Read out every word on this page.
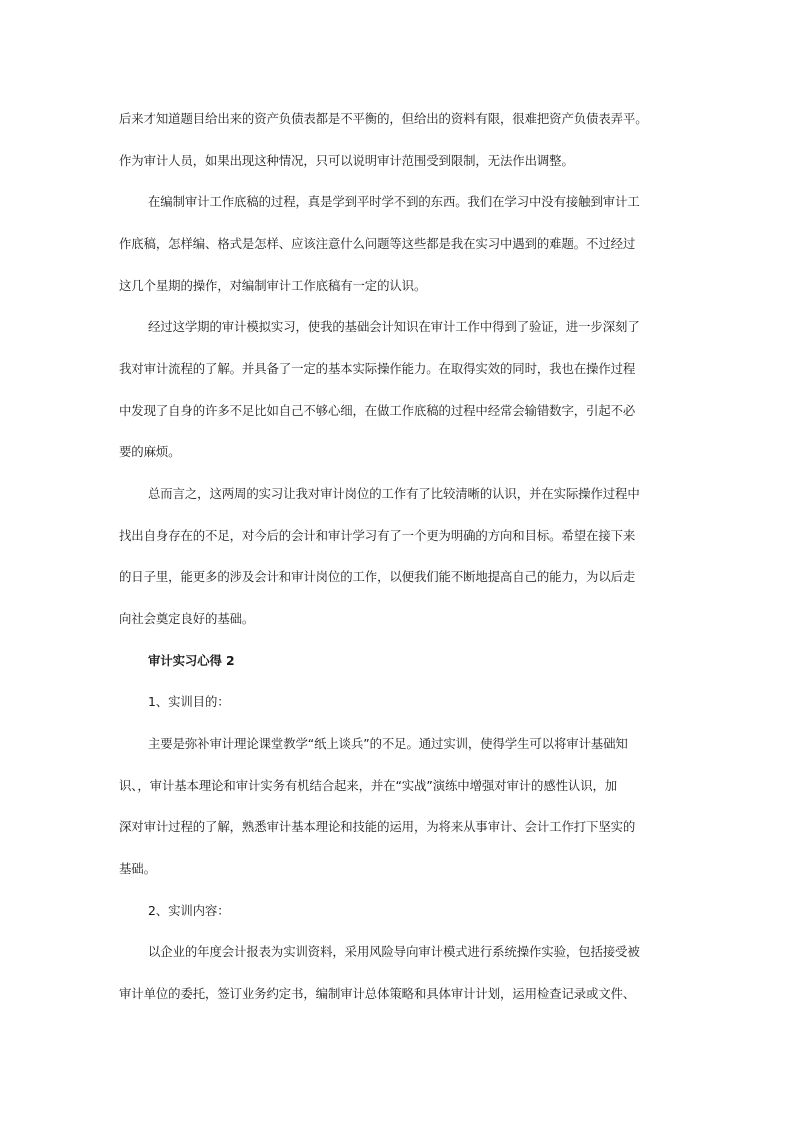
后来才知道题目给出来的资产负债表都是不平衡的，但给出的资料有限，很难把资产负债表弄平。
作为审计人员，如果出现这种情况，只可以说明审计范围受到限制，无法作出调整。
在编制审计工作底稿的过程，真是学到平时学不到的东西。我们在学习中没有接触到审计工
作底稿，怎样编、格式是怎样、应该注意什么问题等这些都是我在实习中遇到的难题。不过经过
这几个星期的操作，对编制审计工作底稿有一定的认识。
经过这学期的审计模拟实习，使我的基础会计知识在审计工作中得到了验证，进一步深刻了
我对审计流程的了解。并具备了一定的基本实际操作能力。在取得实效的同时，我也在操作过程
中发现了自身的许多不足比如自己不够心细，在做工作底稿的过程中经常会输错数字，引起不必
要的麻烦。
总而言之，这两周的实习让我对审计岗位的工作有了比较清晰的认识，并在实际操作过程中
找出自身存在的不足，对今后的会计和审计学习有了一个更为明确的方向和目标。希望在接下来
的日子里，能更多的涉及会计和审计岗位的工作，以便我们能不断地提高自己的能力，为以后走
向社会奠定良好的基础。
审计实习心得 2
1、实训目的：
主要是弥补审计理论课堂教学“纸上谈兵”的不足。通过实训，使得学生可以将审计基础知
识、，审计基本理论和审计实务有机结合起来，并在“实战”演练中增强对审计的感性认识，加
深对审计过程的了解，熟悉审计基本理论和技能的运用，为将来从事审计、会计工作打下坚实的
基础。
2、实训内容：
以企业的年度会计报表为实训资料，采用风险导向审计模式进行系统操作实验，包括接受被
审计单位的委托，签订业务约定书，编制审计总体策略和具体审计计划，运用检查记录或文件、
